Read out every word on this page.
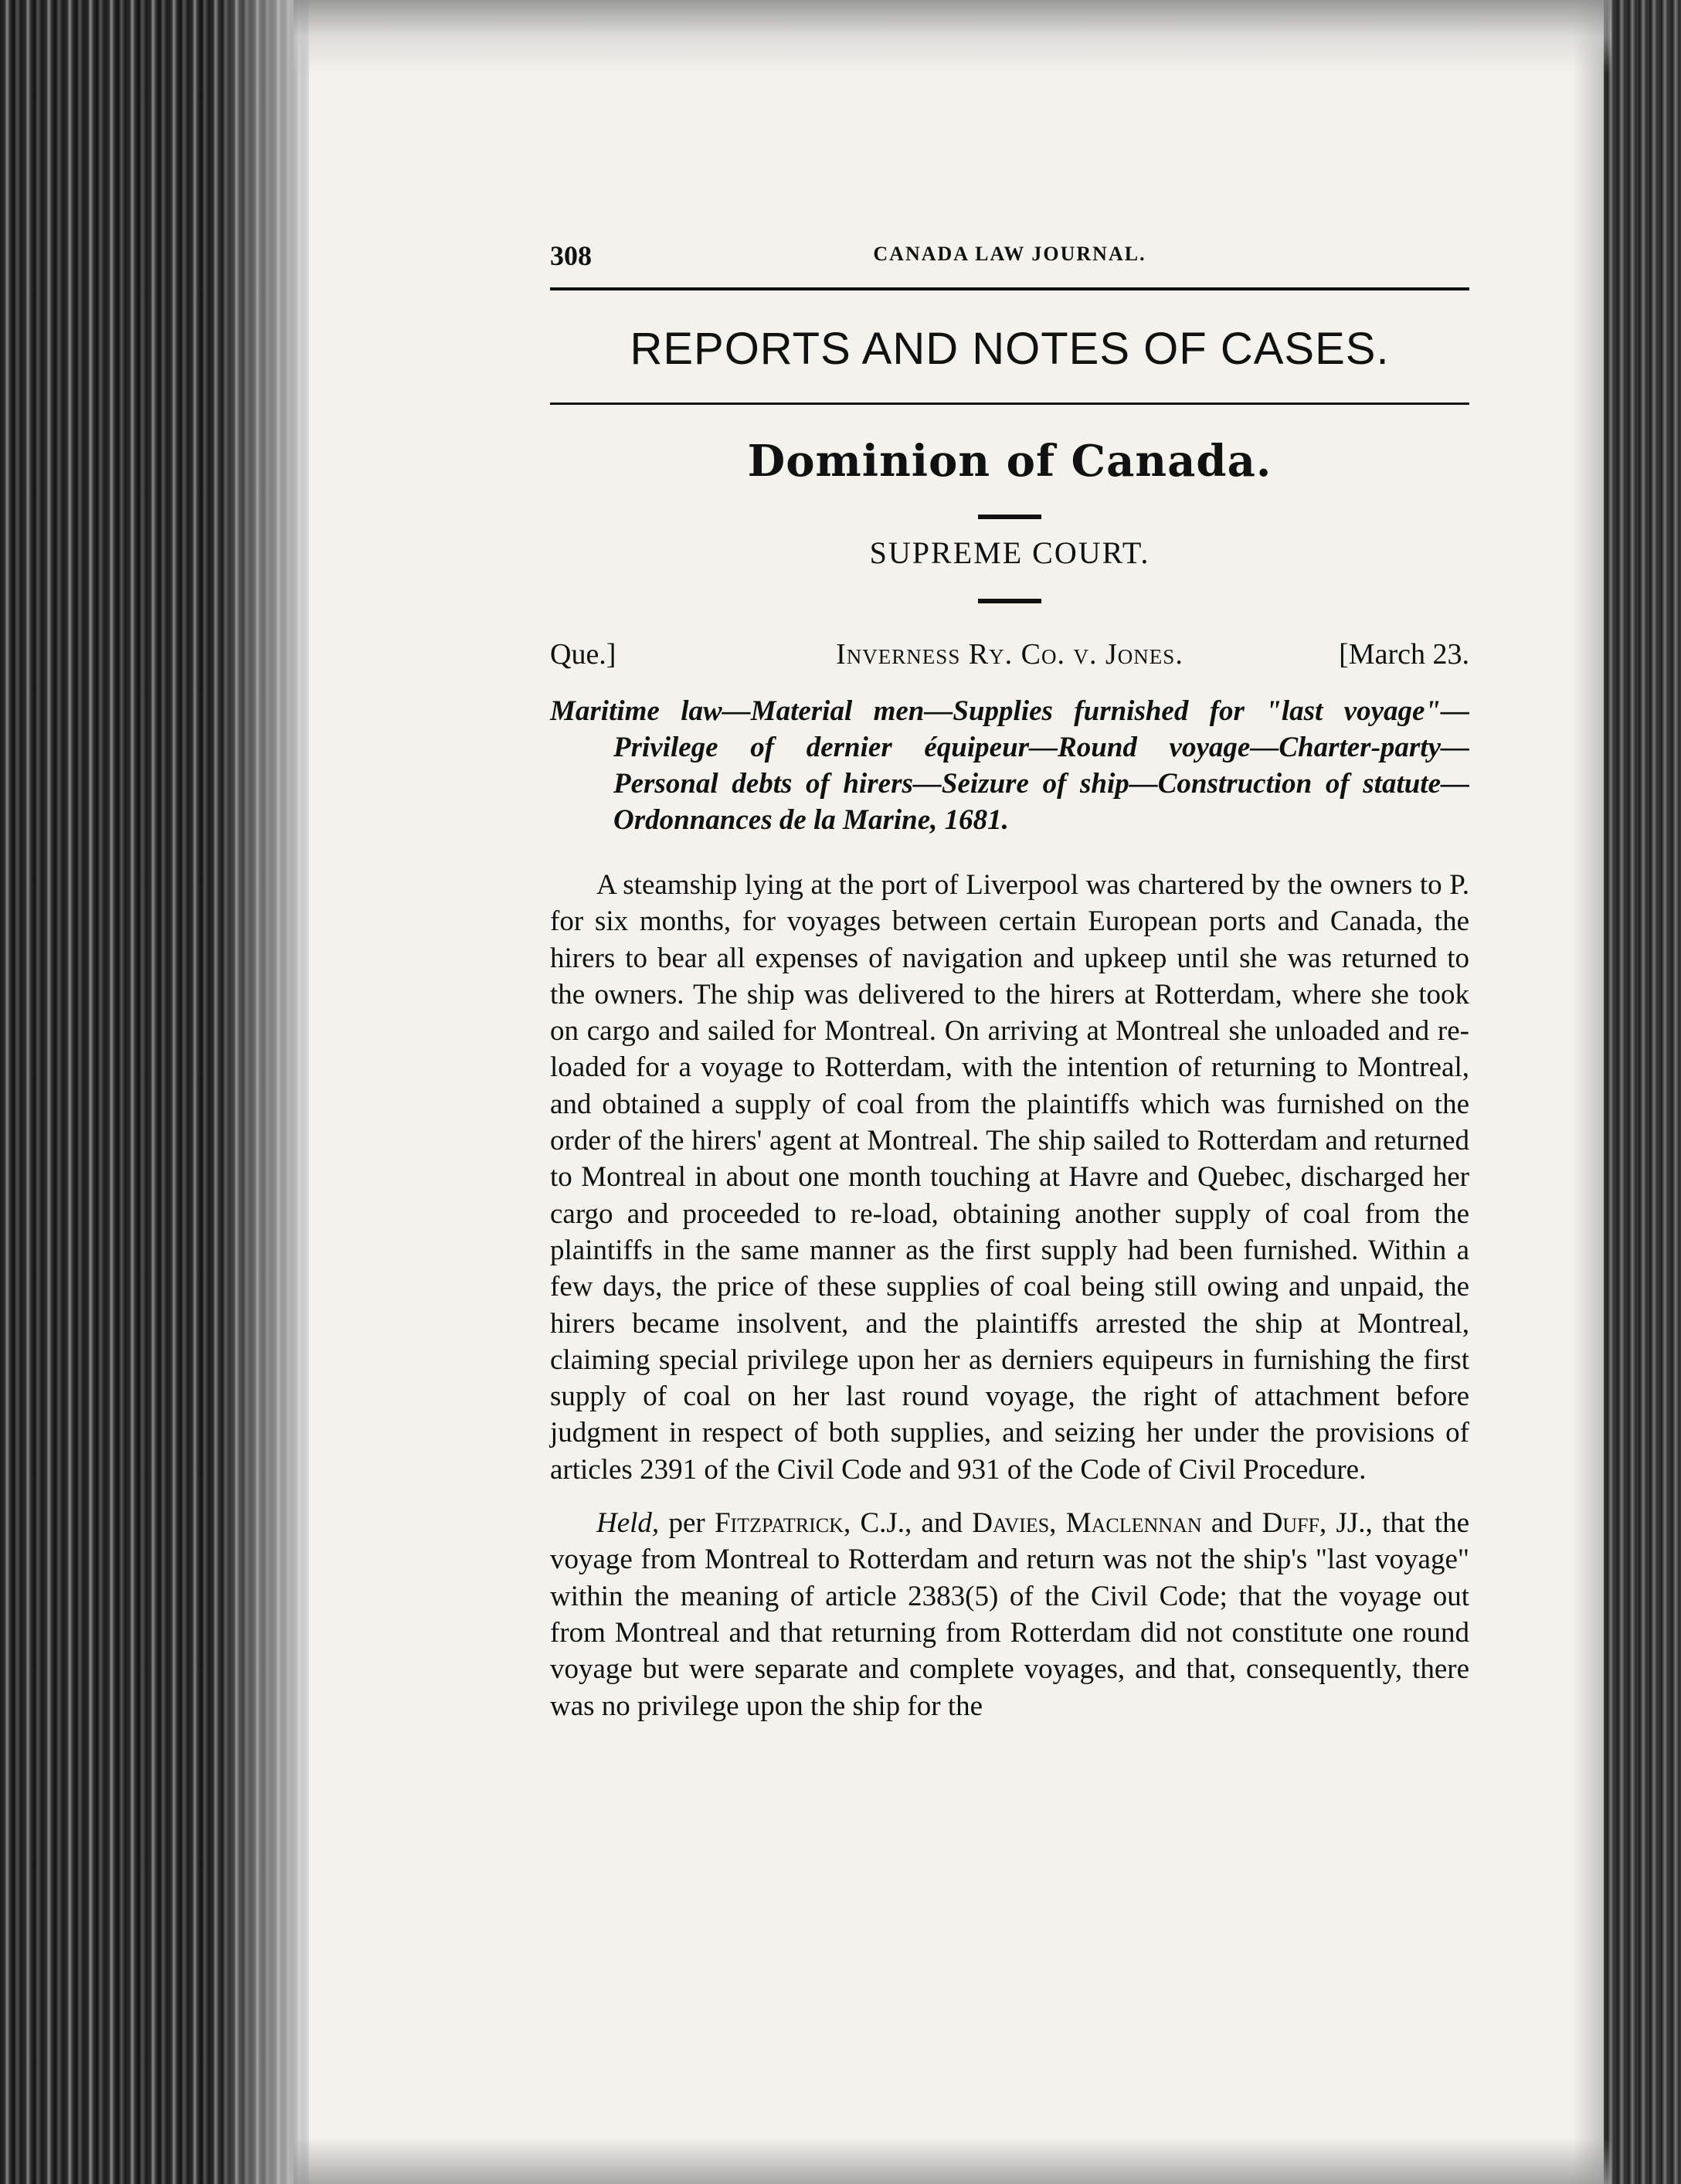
308	CANADA LAW JOURNAL.
REPORTS AND NOTES OF CASES.
Dominion of Canada.
SUPREME COURT.
Que.]	Inverness Ry. Co. v. Jones.	[March 23.

Maritime law—Material men—Supplies furnished for "last voyage"—Privilege of dernier équipeur—Round voyage—Charter-party—Personal debts of hirers—Seizure of ship—Construction of statute—Ordonnances de la Marine, 1681.

A steamship lying at the port of Liverpool was chartered by the owners to P. for six months, for voyages between certain European ports and Canada, the hirers to bear all expenses of navigation and upkeep until she was returned to the owners. The ship was delivered to the hirers at Rotterdam, where she took on cargo and sailed for Montreal. On arriving at Montreal she unloaded and re-loaded for a voyage to Rotterdam, with the intention of returning to Montreal, and obtained a supply of coal from the plaintiffs which was furnished on the order of the hirers' agent at Montreal. The ship sailed to Rotterdam and returned to Montreal in about one month touching at Havre and Quebec, discharged her cargo and proceeded to re-load, obtaining another supply of coal from the plaintiffs in the same manner as the first supply had been furnished. Within a few days, the price of these supplies of coal being still owing and unpaid, the hirers became insolvent, and the plaintiffs arrested the ship at Montreal, claiming special privilege upon her as derniers equipeurs in furnishing the first supply of coal on her last round voyage, the right of attachment before judgment in respect of both supplies, and seizing her under the provisions of articles 2391 of the Civil Code and 931 of the Code of Civil Procedure.

Held, per Fitzpatrick, C.J., and Davies, Maclennan and Duff, JJ., that the voyage from Montreal to Rotterdam and return was not the ship's "last voyage" within the meaning of article 2383(5) of the Civil Code; that the voyage out from Montreal and that returning from Rotterdam did not constitute one round voyage but were separate and complete voyages, and that, consequently, there was no privilege upon the ship for the
